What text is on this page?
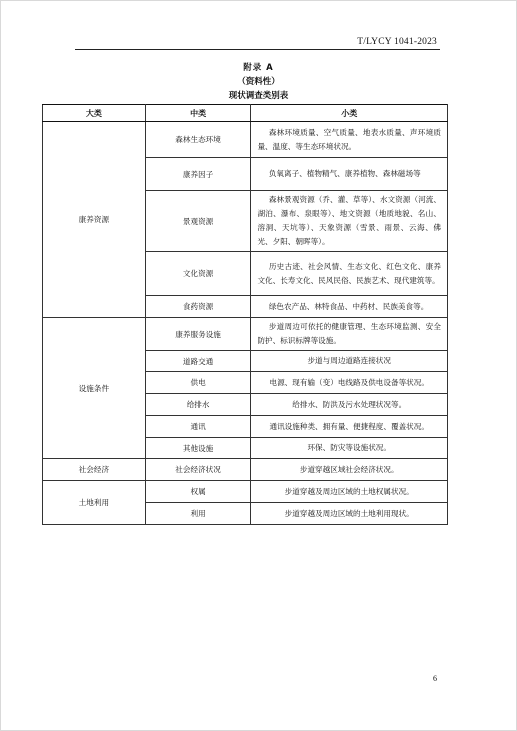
T/LYCY 1041-2023
附录 A
（资料性）
现状调查类别表
大类	中类	小类
康养资源	森林生态环境	森林环境质量、空气质量、地表水质量、声环境质量、温度、等生态环境状况。
	康养因子	负氧离子、植物精气、康养植物、森林磁场等
	景观资源	森林景观资源（乔、灌、草等）、水文资源（河流、湖泊、瀑布、泉眼等）、地文资源（地质地貌、名山、溶洞、天坑等）、天象资源（雪景、雨景、云海、佛光、夕阳、朝晖等）。
	文化资源	历史古迹、社会风情、生态文化、红色文化、康养文化、长寿文化、民风民俗、民族艺术、现代建筑等。
	食药资源	绿色农产品、林特食品、中药材、民族美食等。
设施条件	康养服务设施	步道周边可依托的健康管理、生态环境监测、安全防护、标识标牌等设施。
	道路交通	步道与周边道路连接状况
	供电	电源、现有输（变）电线路及供电设备等状况。
	给排水	给排水、防洪及污水处理状况等。
	通讯	通讯设施种类、拥有量、便捷程度、覆盖状况。
	其他设施	环保、防灾等设施状况。
社会经济	社会经济状况	步道穿越区域社会经济状况。
土地利用	权属	步道穿越及周边区域的土地权属状况。
	利用	步道穿越及周边区域的土地利用现状。
6
